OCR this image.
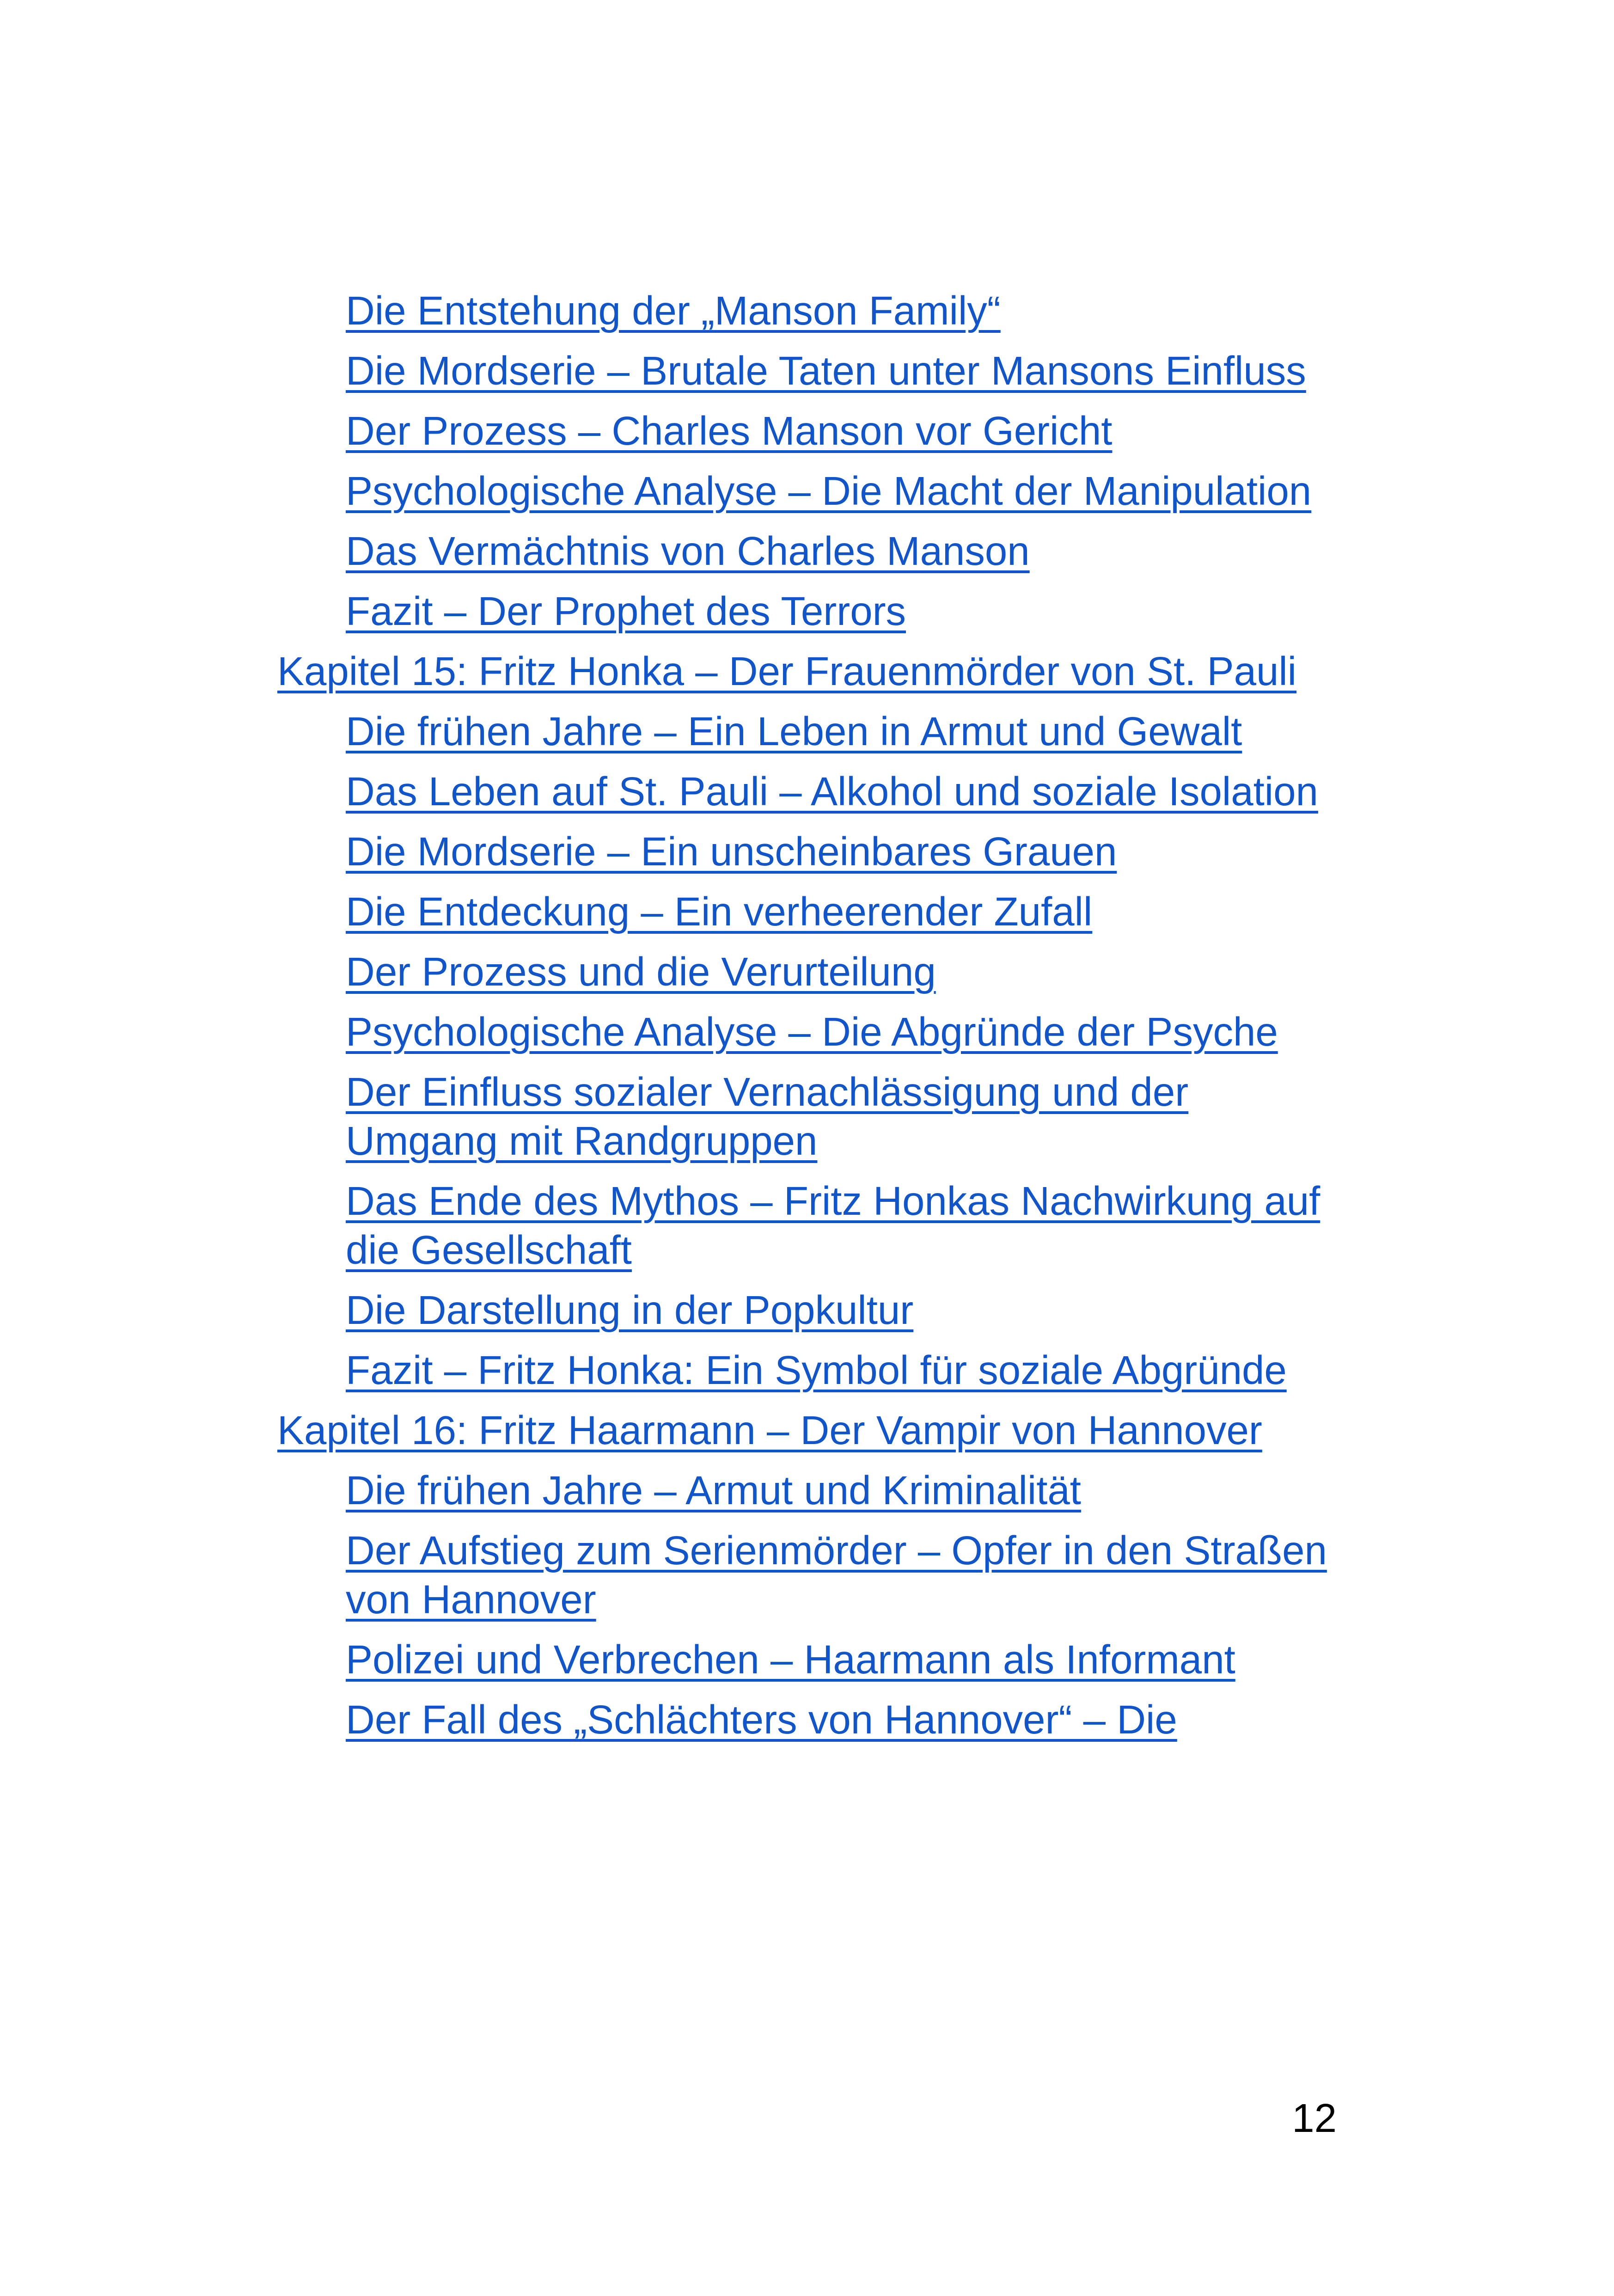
Die Entstehung der „Manson Family“
Die Mordserie – Brutale Taten unter Mansons Einfluss
Der Prozess – Charles Manson vor Gericht
Psychologische Analyse – Die Macht der Manipulation
Das Vermächtnis von Charles Manson
Fazit – Der Prophet des Terrors
Kapitel 15: Fritz Honka – Der Frauenmörder von St. Pauli
Die frühen Jahre – Ein Leben in Armut und Gewalt
Das Leben auf St. Pauli – Alkohol und soziale Isolation
Die Mordserie – Ein unscheinbares Grauen
Die Entdeckung – Ein verheerender Zufall
Der Prozess und die Verurteilung
Psychologische Analyse – Die Abgründe der Psyche
Der Einfluss sozialer Vernachlässigung und der Umgang mit Randgruppen
Das Ende des Mythos – Fritz Honkas Nachwirkung auf die Gesellschaft
Die Darstellung in der Popkultur
Fazit – Fritz Honka: Ein Symbol für soziale Abgründe
Kapitel 16: Fritz Haarmann – Der Vampir von Hannover
Die frühen Jahre – Armut und Kriminalität
Der Aufstieg zum Serienmörder – Opfer in den Straßen von Hannover
Polizei und Verbrechen – Haarmann als Informant
Der Fall des „Schlächters von Hannover“ – Die
12
